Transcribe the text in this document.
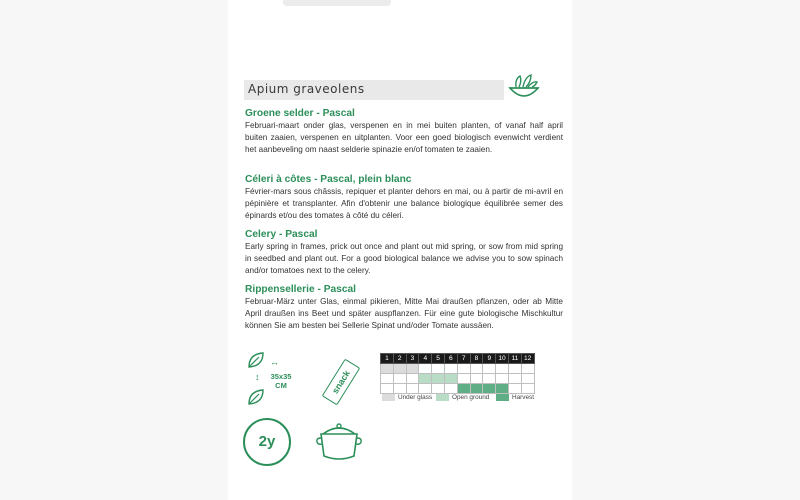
Apium graveolens
Groene selder - Pascal
Februari-maart onder glas, verspenen en in mei buiten planten, of vanaf half april buiten zaaien, verspenen en uitplanten. Voor een goed biologisch evenwicht verdient het aanbeveling om naast selderie spinazie en/of tomaten te zaaien.
Céleri à côtes - Pascal, plein blanc
Février-mars sous châssis, repiquer et planter dehors en mai, ou à partir de mi-avril en pépinière et transplanter. Afin d'obtenir une balance biologique équilibrée semer des épinards et/ou des tomates à côté du céleri.
Celery - Pascal
Early spring in frames, prick out once and plant out mid spring, or sow from mid spring in seedbed and plant out. For a good biological balance we advise you to sow spinach and/or tomatoes next to the celery.
Rippensellerie - Pascal
Februar-März unter Glas, einmal pikieren, Mitte Mai draußen pflanzen, oder ab Mitte April draußen ins Beet und später auspflanzen. Für eine gute biologische Mischkultur können Sie am besten bei Sellerie Spinat und/oder Tomate aussäen.
↔
↕	35x35
CM	snack
2y
1	2	3	4	5	6	7	8	9	10	11	12

Under glass	Open ground	Harvest
